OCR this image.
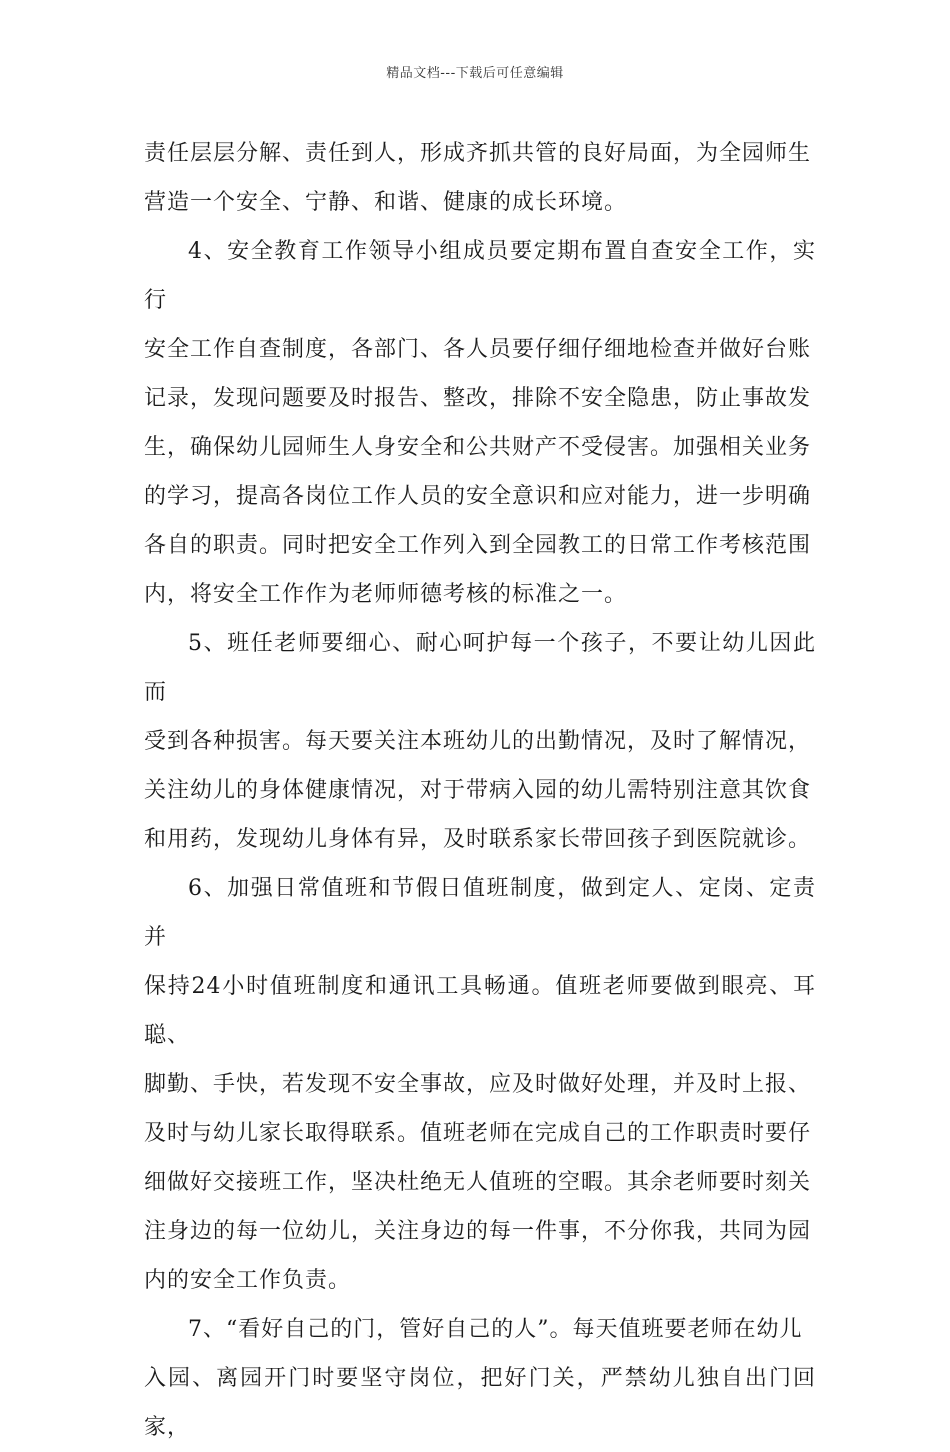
精品文档---下载后可任意编辑

责任层层分解、责任到人，形成齐抓共管的良好局面，为全园师生
营造一个安全、宁静、和谐、健康的成长环境。

4、安全教育工作领导小组成员要定期布置自查安全工作，实行
安全工作自查制度，各部门、各人员要仔细仔细地检查并做好台账
记录，发现问题要及时报告、整改，排除不安全隐患，防止事故发
生，确保幼儿园师生人身安全和公共财产不受侵害。加强相关业务
的学习，提高各岗位工作人员的安全意识和应对能力，进一步明确
各自的职责。同时把安全工作列入到全园教工的日常工作考核范围
内，将安全工作作为老师师德考核的标准之一。

5、班任老师要细心、耐心呵护每一个孩子，不要让幼儿因此而
受到各种损害。每天要关注本班幼儿的出勤情况，及时了解情况，
关注幼儿的身体健康情况，对于带病入园的幼儿需特别注意其饮食
和用药，发现幼儿身体有异，及时联系家长带回孩子到医院就诊。

6、加强日常值班和节假日值班制度，做到定人、定岗、定责并
保持24小时值班制度和通讯工具畅通。值班老师要做到眼亮、耳聪、
脚勤、手快，若发现不安全事故，应及时做好处理，并及时上报、
及时与幼儿家长取得联系。值班老师在完成自己的工作职责时要仔
细做好交接班工作，坚决杜绝无人值班的空暇。其余老师要时刻关
注身边的每一位幼儿，关注身边的每一件事，不分你我，共同为园
内的安全工作负责。

7、“看好自己的门，管好自己的人”。每天值班要老师在幼儿
入园、离园开门时要坚守岗位，把好门关，严禁幼儿独自出门回家，
